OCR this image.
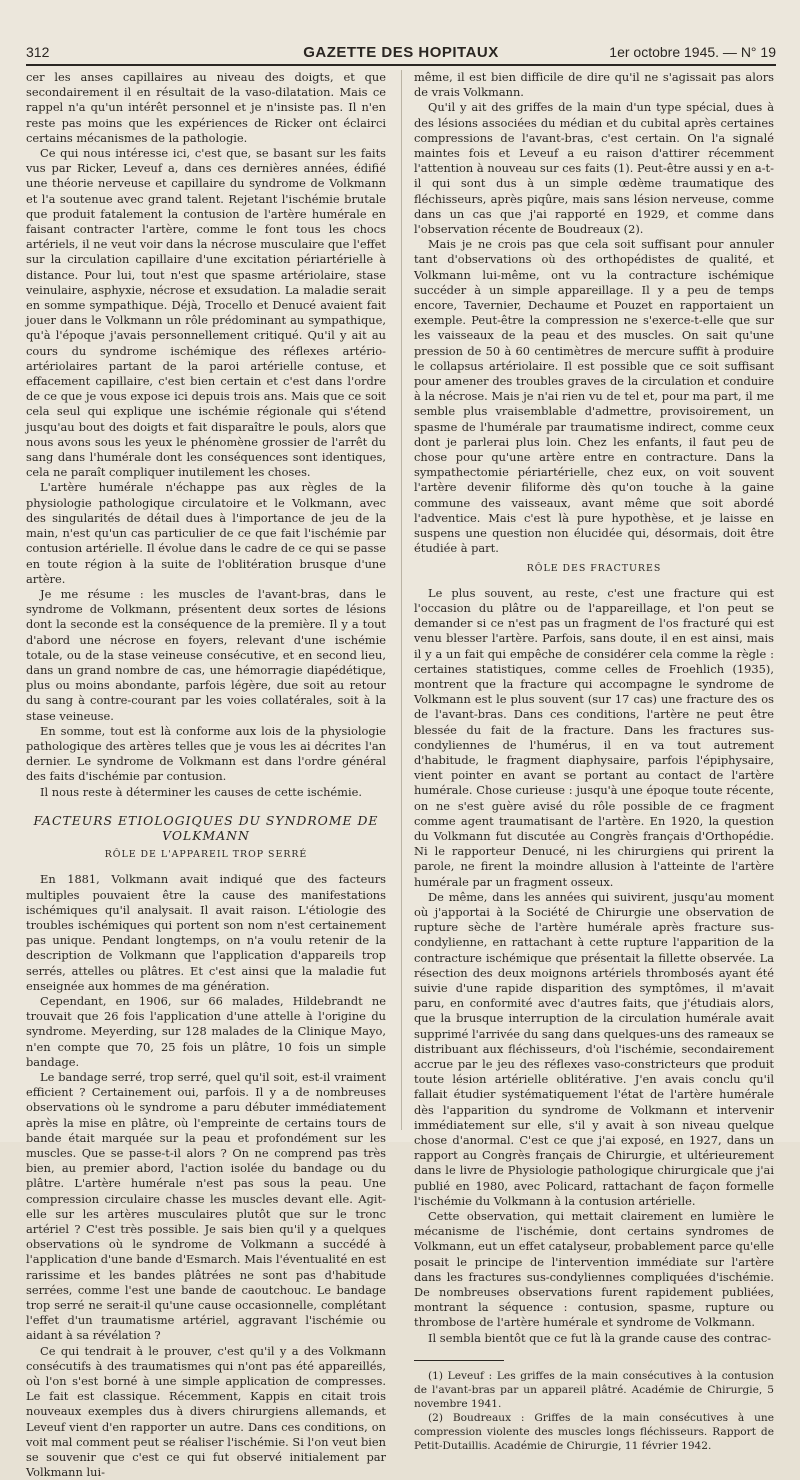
312	GAZETTE DES HOPITAUX	1er octobre 1945. — N° 19

cer les anses capillaires au niveau des doigts, et que secondairement il en résultait de la vaso-dilatation. Mais ce rappel n'a qu'un intérêt personnel et je n'insiste pas. Il n'en reste pas moins que les expériences de Ricker ont éclairci certains mécanismes de la pathologie.

Ce qui nous intéresse ici, c'est que, se basant sur les faits vus par Ricker, Leveuf a, dans ces dernières années, édifié une théorie nerveuse et capillaire du syndrome de Volkmann et l'a soutenue avec grand talent. Rejetant l'ischémie brutale que produit fatalement la contusion de l'artère humérale en faisant contracter l'artère, comme le font tous les chocs artériels, il ne veut voir dans la nécrose musculaire que l'effet sur la circulation capillaire d'une excitation périartérielle à distance. Pour lui, tout n'est que spasme artériolaire, stase veinulaire, asphyxie, nécrose et exsudation. La maladie serait en somme sympathique. Déjà, Trocello et Denucé avaient fait jouer dans le Volkmann un rôle prédominant au sympathique, qu'à l'époque j'avais personnellement critiqué. Qu'il y ait au cours du syndrome ischémique des réflexes artério-artériolaires partant de la paroi artérielle contuse, et effacement capillaire, c'est bien certain et c'est dans l'ordre de ce que je vous expose ici depuis trois ans. Mais que ce soit cela seul qui explique une ischémie régionale qui s'étend jusqu'au bout des doigts et fait disparaître le pouls, alors que nous avons sous les yeux le phénomène grossier de l'arrêt du sang dans l'humérale dont les conséquences sont identiques, cela ne paraît compliquer inutilement les choses.

L'artère humérale n'échappe pas aux règles de la physiologie pathologique circulatoire et le Volkmann, avec des singularités de détail dues à l'importance de jeu de la main, n'est qu'un cas particulier de ce que fait l'ischémie par contusion artérielle. Il évolue dans le cadre de ce qui se passe en toute région à la suite de l'oblitération brusque d'une artère.

Je me résume : les muscles de l'avant-bras, dans le syndrome de Volkmann, présentent deux sortes de lésions dont la seconde est la conséquence de la première. Il y a tout d'abord une nécrose en foyers, relevant d'une ischémie totale, ou de la stase veineuse consécutive, et en second lieu, dans un grand nombre de cas, une hémorragie diapédétique, plus ou moins abondante, parfois légère, due soit au retour du sang à contre-courant par les voies collatérales, soit à la stase veineuse.

En somme, tout est là conforme aux lois de la physiologie pathologique des artères telles que je vous les ai décrites l'an dernier. Le syndrome de Volkmann est dans l'ordre général des faits d'ischémie par contusion.

Il nous reste à déterminer les causes de cette ischémie.

FACTEURS ETIOLOGIQUES DU SYNDROME DE VOLKMANN
RÔLE DE L'APPAREIL TROP SERRÉ

En 1881, Volkmann avait indiqué que des facteurs multiples pouvaient être la cause des manifestations ischémiques qu'il analysait. Il avait raison. L'étiologie des troubles ischémiques qui portent son nom n'est certainement pas unique. Pendant longtemps, on n'a voulu retenir de la description de Volkmann que l'application d'appareils trop serrés, attelles ou plâtres. Et c'est ainsi que la maladie fut enseignée aux hommes de ma génération.

Cependant, en 1906, sur 66 malades, Hildebrandt ne trouvait que 26 fois l'application d'une attelle à l'origine du syndrome. Meyerding, sur 128 malades de la Clinique Mayo, n'en compte que 70, 25 fois un plâtre, 10 fois un simple bandage.

Le bandage serré, trop serré, quel qu'il soit, est-il vraiment efficient ? Certainement oui, parfois. Il y a de nombreuses observations où le syndrome a paru débuter immédiatement après la mise en plâtre, où l'empreinte de certains tours de bande était marquée sur la peau et profondément sur les muscles. Que se passe-t-il alors ? On ne comprend pas très bien, au premier abord, l'action isolée du bandage ou du plâtre. L'artère humérale n'est pas sous la peau. Une compression circulaire chasse les muscles devant elle. Agit-elle sur les artères musculaires plutôt que sur le tronc artériel ? C'est très possible. Je sais bien qu'il y a quelques observations où le syndrome de Volkmann a succédé à l'application d'une bande d'Esmarch. Mais l'éventualité en est rarissime et les bandes plâtrées ne sont pas d'habitude serrées, comme l'est une bande de caoutchouc. Le bandage trop serré ne serait-il qu'une cause occasionnelle, complétant l'effet d'un traumatisme artériel, aggravant l'ischémie ou aidant à sa révélation ?

Ce qui tendrait à le prouver, c'est qu'il y a des Volkmann consécutifs à des traumatismes qui n'ont pas été appareillés, où l'on s'est borné à une simple application de compresses. Le fait est classique. Récemment, Kappis en citait trois nouveaux exemples dus à divers chirurgiens allemands, et Leveuf vient d'en rapporter un autre. Dans ces conditions, on voit mal comment peut se réaliser l'ischémie. Si l'on veut bien se souvenir que c'est ce qui fut observé initialement par Volkmann lui-

même, il est bien difficile de dire qu'il ne s'agissait pas alors de vrais Volkmann.

Qu'il y ait des griffes de la main d'un type spécial, dues à des lésions associées du médian et du cubital après certaines compressions de l'avant-bras, c'est certain. On l'a signalé maintes fois et Leveuf a eu raison d'attirer récemment l'attention à nouveau sur ces faits (1). Peut-être aussi y en a-t-il qui sont dus à un simple œdème traumatique des fléchisseurs, après piqûre, mais sans lésion nerveuse, comme dans un cas que j'ai rapporté en 1929, et comme dans l'observation récente de Boudreaux (2).

Mais je ne crois pas que cela soit suffisant pour annuler tant d'observations où des orthopédistes de qualité, et Volkmann lui-même, ont vu la contracture ischémique succéder à un simple appareillage. Il y a peu de temps encore, Tavernier, Dechaume et Pouzet en rapportaient un exemple. Peut-être la compression ne s'exerce-t-elle que sur les vaisseaux de la peau et des muscles. On sait qu'une pression de 50 à 60 centimètres de mercure suffit à produire le collapsus artériolaire. Il est possible que ce soit suffisant pour amener des troubles graves de la circulation et conduire à la nécrose. Mais je n'ai rien vu de tel et, pour ma part, il me semble plus vraisemblable d'admettre, provisoirement, un spasme de l'humérale par traumatisme indirect, comme ceux dont je parlerai plus loin. Chez les enfants, il faut peu de chose pour qu'une artère entre en contracture. Dans la sympathectomie périartérielle, chez eux, on voit souvent l'artère devenir filiforme dès qu'on touche à la gaine commune des vaisseaux, avant même que soit abordé l'adventice. Mais c'est là pure hypothèse, et je laisse en suspens une question non élucidée qui, désormais, doit être étudiée à part.

RÔLE DES FRACTURES

Le plus souvent, au reste, c'est une fracture qui est l'occasion du plâtre ou de l'appareillage, et l'on peut se demander si ce n'est pas un fragment de l'os fracturé qui est venu blesser l'artère. Parfois, sans doute, il en est ainsi, mais il y a un fait qui empêche de considérer cela comme la règle : certaines statistiques, comme celles de Froehlich (1935), montrent que la fracture qui accompagne le syndrome de Volkmann est le plus souvent (sur 17 cas) une fracture des os de l'avant-bras. Dans ces conditions, l'artère ne peut être blessée du fait de la fracture. Dans les fractures sus-condyliennes de l'humérus, il en va tout autrement d'habitude, le fragment diaphysaire, parfois l'épiphysaire, vient pointer en avant se portant au contact de l'artère humérale. Chose curieuse : jusqu'à une époque toute récente, on ne s'est guère avisé du rôle possible de ce fragment comme agent traumatisant de l'artère. En 1920, la question du Volkmann fut discutée au Congrès français d'Orthopédie. Ni le rapporteur Denucé, ni les chirurgiens qui prirent la parole, ne firent la moindre allusion à l'atteinte de l'artère humérale par un fragment osseux.

De même, dans les années qui suivirent, jusqu'au moment où j'apportai à la Société de Chirurgie une observation de rupture sèche de l'artère humérale après fracture sus-condylienne, en rattachant à cette rupture l'apparition de la contracture ischémique que présentait la fillette observée. La résection des deux moignons artériels thrombosés ayant été suivie d'une rapide disparition des symptômes, il m'avait paru, en conformité avec d'autres faits, que j'étudiais alors, que la brusque interruption de la circulation humérale avait supprimé l'arrivée du sang dans quelques-uns des rameaux se distribuant aux fléchisseurs, d'où l'ischémie, secondairement accrue par le jeu des réflexes vaso-constricteurs que produit toute lésion artérielle oblitérative. J'en avais conclu qu'il fallait étudier systématiquement l'état de l'artère humérale dès l'apparition du syndrome de Volkmann et intervenir immédiatement sur elle, s'il y avait à son niveau quelque chose d'anormal. C'est ce que j'ai exposé, en 1927, dans un rapport au Congrès français de Chirurgie, et ultérieurement dans le livre de Physiologie pathologique chirurgicale que j'ai publié en 1980, avec Policard, rattachant de façon formelle l'ischémie du Volkmann à la contusion artérielle.

Cette observation, qui mettait clairement en lumière le mécanisme de l'ischémie, dont certains syndromes de Volkmann, eut un effet catalyseur, probablement parce qu'elle posait le principe de l'intervention immédiate sur l'artère dans les fractures sus-condyliennes compliquées d'ischémie. De nombreuses observations furent rapidement publiées, montrant la séquence : contusion, spasme, rupture ou thrombose de l'artère humérale et syndrome de Volkmann.

Il sembla bientôt que ce fut là la grande cause des contrac-

(1) Leveuf : Les griffes de la main consécutives à la contusion de l'avant-bras par un appareil plâtré. Académie de Chirurgie, 5 novembre 1941.

(2) Boudreaux : Griffes de la main consécutives à une compression violente des muscles longs fléchisseurs. Rapport de Petit-Dutaillis. Académie de Chirurgie, 11 février 1942.
